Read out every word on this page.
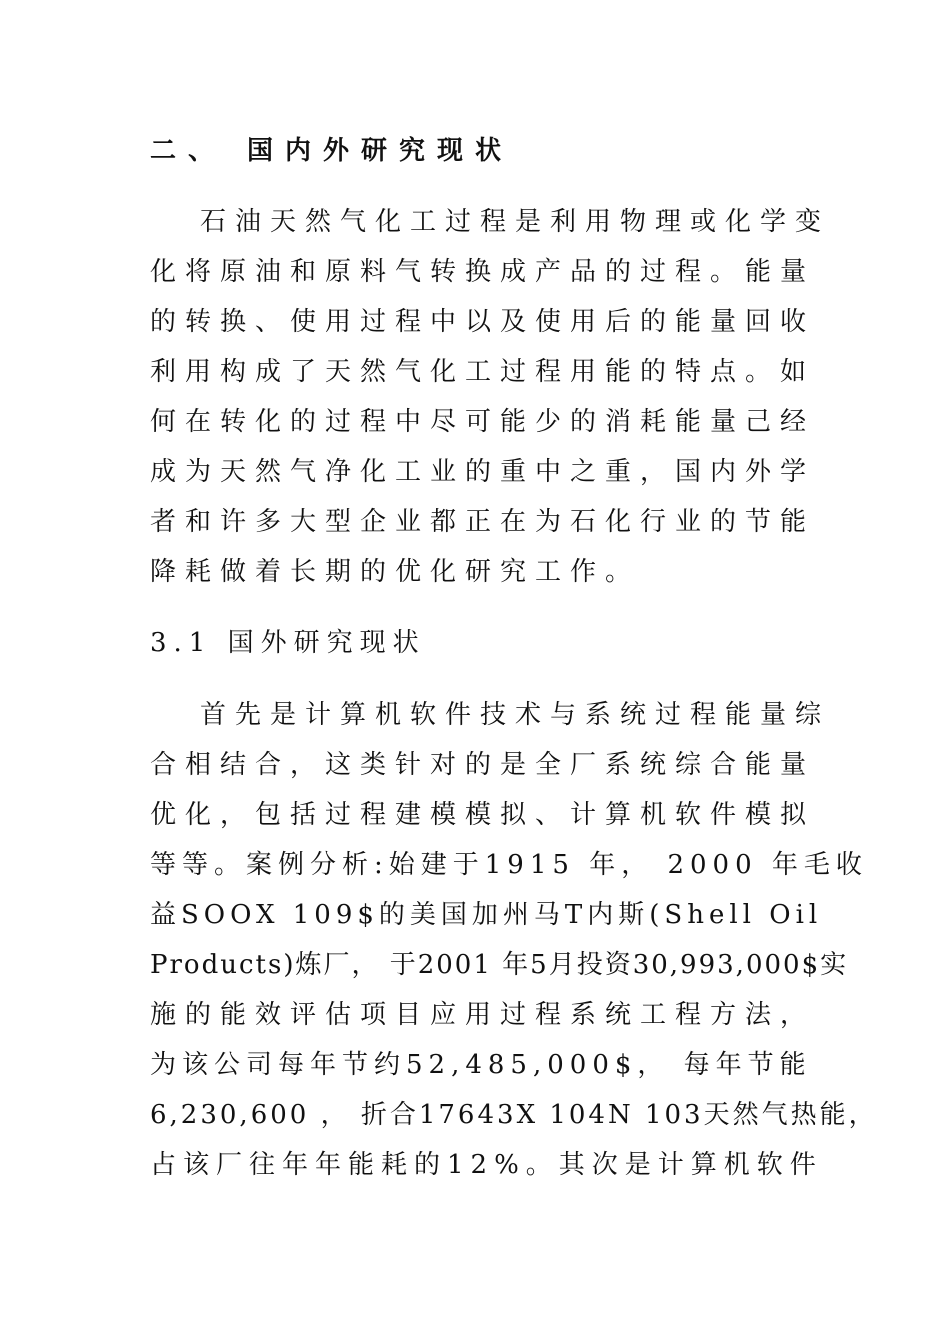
二、 国内外研究现状
石油天然气化工过程是利用物理或化学变
化将原油和原料气转换成产品的过程。能量
的转换、使用过程中以及使用后的能量回收
利用构成了天然气化工过程用能的特点。如
何在转化的过程中尽可能少的消耗能量己经
成为天然气净化工业的重中之重，国内外学
者和许多大型企业都正在为石化行业的节能
降耗做着长期的优化研究工作。
3.1 国外研究现状
首先是计算机软件技术与系统过程能量综
合相结合，这类针对的是全厂系统综合能量
优化，包括过程建模模拟、计算机软件模拟
等等。案例分析:始建于1915 年， 2000 年毛收
益SOOX 109$的美国加州马T内斯(Shell Oil
Products)炼厂， 于2001 年5月投资30,993,000$实
施的能效评估项目应用过程系统工程方法，
为该公司每年节约52,485,000$， 每年节能
6,230,600 ， 折合17643X 104N 103天然气热能，
占该厂往年年能耗的12%。其次是计算机软件
